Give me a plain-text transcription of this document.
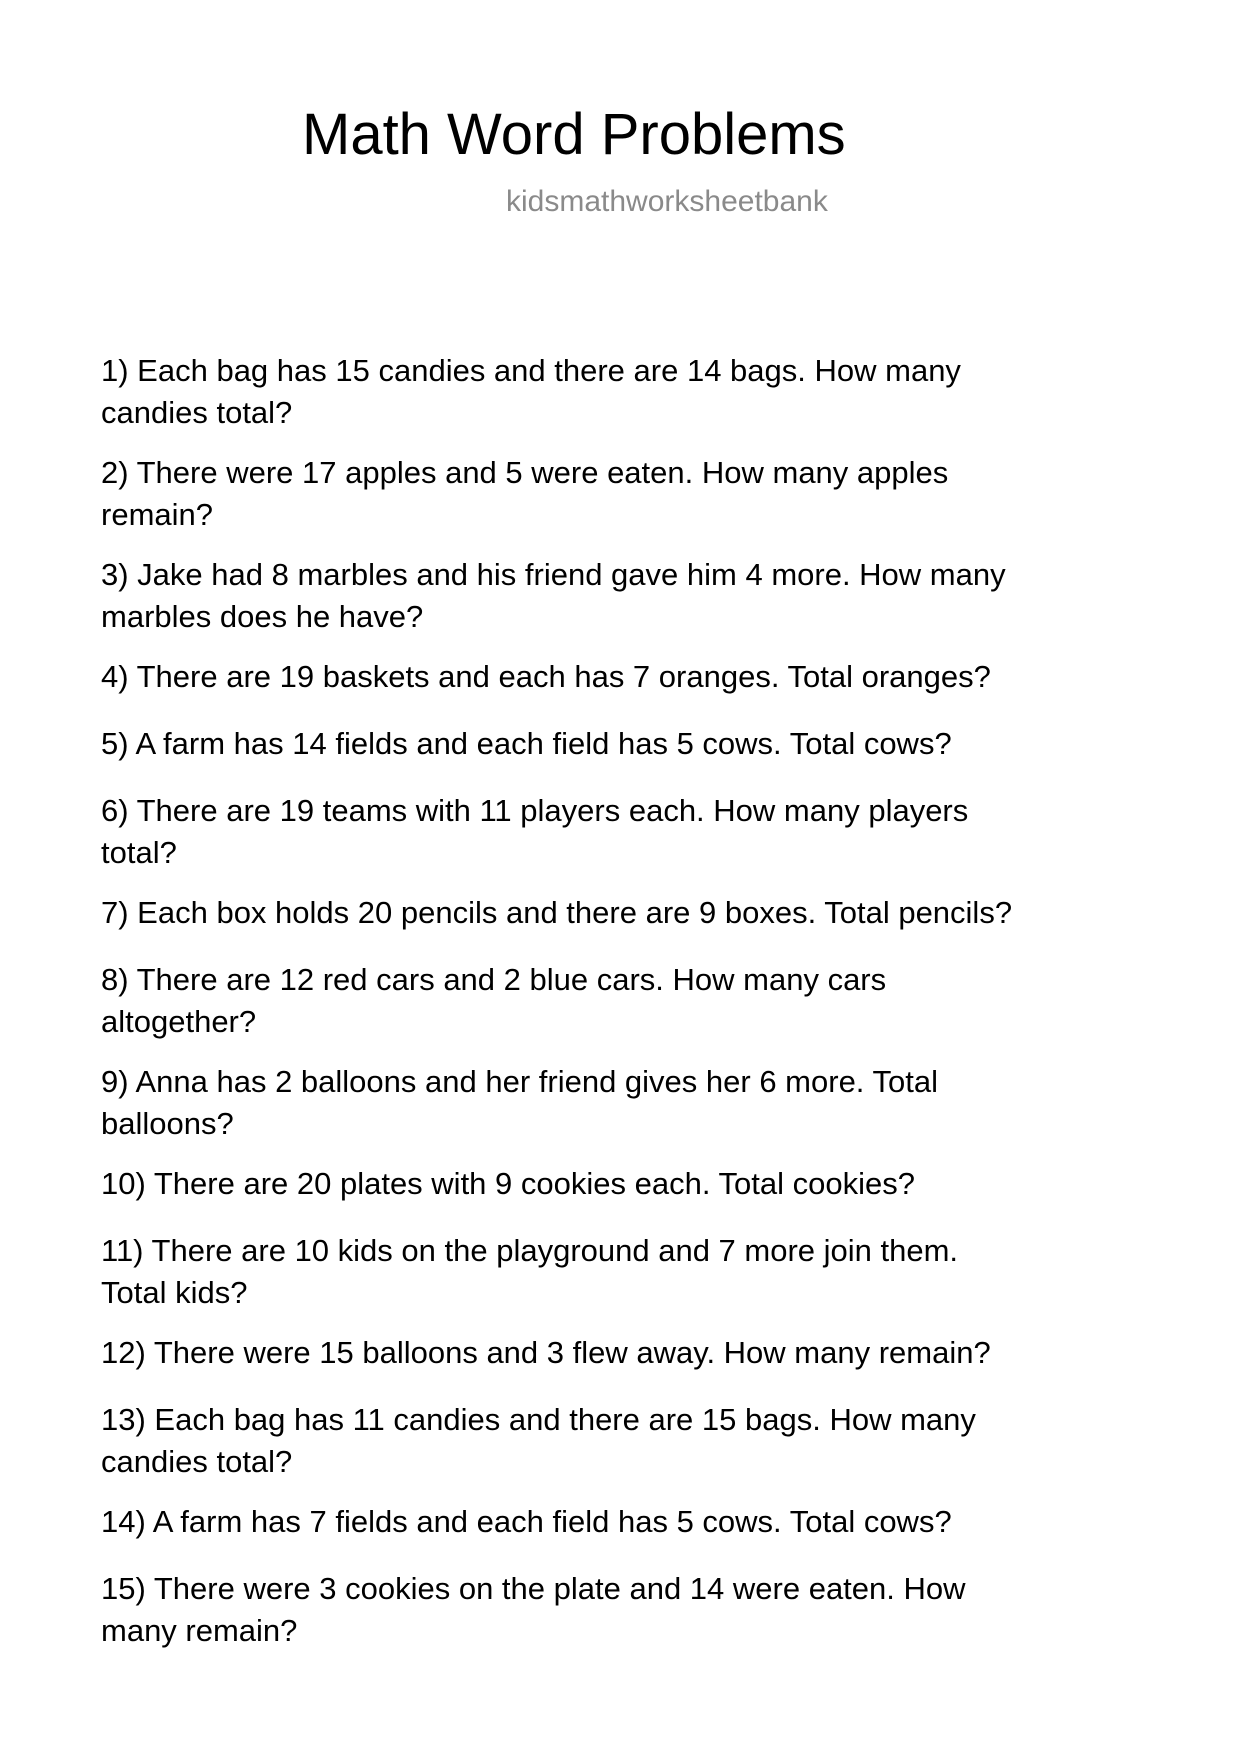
Math Word Problems
kidsmathworksheetbank
1) Each bag has 15 candies and there are 14 bags. How many
candies total?
2) There were 17 apples and 5 were eaten. How many apples
remain?
3) Jake had 8 marbles and his friend gave him 4 more. How many
marbles does he have?
4) There are 19 baskets and each has 7 oranges. Total oranges?
5) A farm has 14 fields and each field has 5 cows. Total cows?
6) There are 19 teams with 11 players each. How many players
total?
7) Each box holds 20 pencils and there are 9 boxes. Total pencils?
8) There are 12 red cars and 2 blue cars. How many cars
altogether?
9) Anna has 2 balloons and her friend gives her 6 more. Total
balloons?
10) There are 20 plates with 9 cookies each. Total cookies?
11) There are 10 kids on the playground and 7 more join them.
Total kids?
12) There were 15 balloons and 3 flew away. How many remain?
13) Each bag has 11 candies and there are 15 bags. How many
candies total?
14) A farm has 7 fields and each field has 5 cows. Total cows?
15) There were 3 cookies on the plate and 14 were eaten. How
many remain?
